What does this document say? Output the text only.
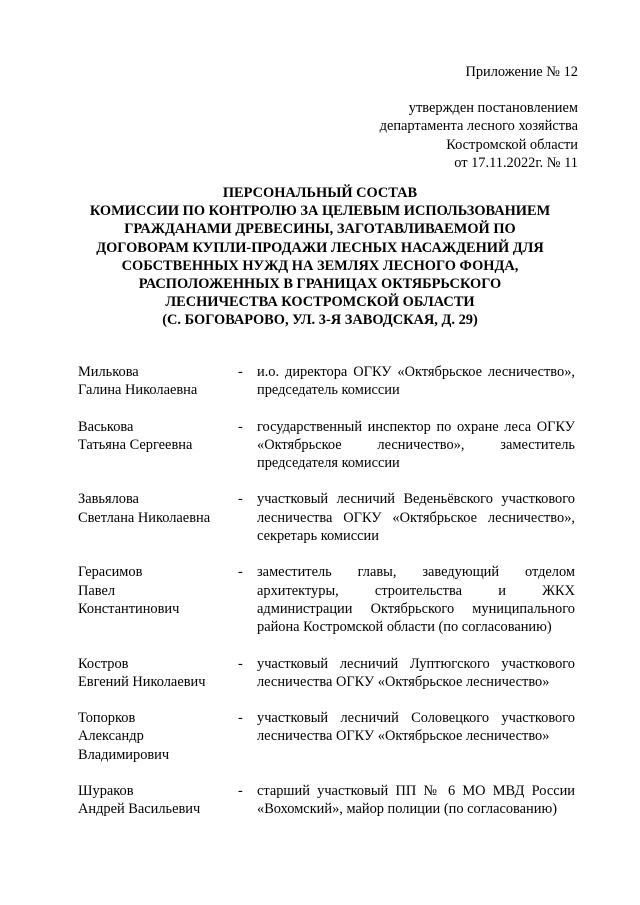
Приложение № 12

утвержден постановлением
департамента лесного хозяйства
Костромской области
от 17.11.2022г. № 11
ПЕРСОНАЛЬНЫЙ СОСТАВ
КОМИССИИ ПО КОНТРОЛЮ ЗА ЦЕЛЕВЫМ ИСПОЛЬЗОВАНИЕМ
ГРАЖДАНАМИ ДРЕВЕСИНЫ, ЗАГОТАВЛИВАЕМОЙ ПО
ДОГОВОРАМ КУПЛИ-ПРОДАЖИ ЛЕСНЫХ НАСАЖДЕНИЙ ДЛЯ
СОБСТВЕННЫХ НУЖД НА ЗЕМЛЯХ ЛЕСНОГО ФОНДА,
РАСПОЛОЖЕННЫХ В ГРАНИЦАХ ОКТЯБРЬСКОГО
ЛЕСНИЧЕСТВА КОСТРОМСКОЙ ОБЛАСТИ
(С. БОГОВАРОВО, УЛ. 3-Я ЗАВОДСКАЯ, Д. 29)
Милькова
Галина Николаевна
- и.о. директора ОГКУ «Октябрьское лесничество», председатель комиссии
Васькова
Татьяна Сергеевна
- государственный инспектор по охране леса ОГКУ «Октябрьское лесничество», заместитель председателя комиссии
Завьялова
Светлана Николаевна
- участковый лесничий Веденьёвского участкового лесничества ОГКУ «Октябрьское лесничество», секретарь комиссии
Герасимов
Павел
Константинович
- заместитель главы, заведующий отделом архитектуры, строительства и ЖКХ администрации Октябрьского муниципального района Костромской области (по согласованию)
Костров
Евгений Николаевич
- участковый лесничий Луптюгского участкового лесничества ОГКУ «Октябрьское лесничество»
Топорков
Александр
Владимирович
- участковый лесничий Соловецкого участкового лесничества ОГКУ «Октябрьское лесничество»
Шураков
Андрей Васильевич
- старший участковый ПП № 6 МО МВД России «Вохомский», майор полиции (по согласованию)
